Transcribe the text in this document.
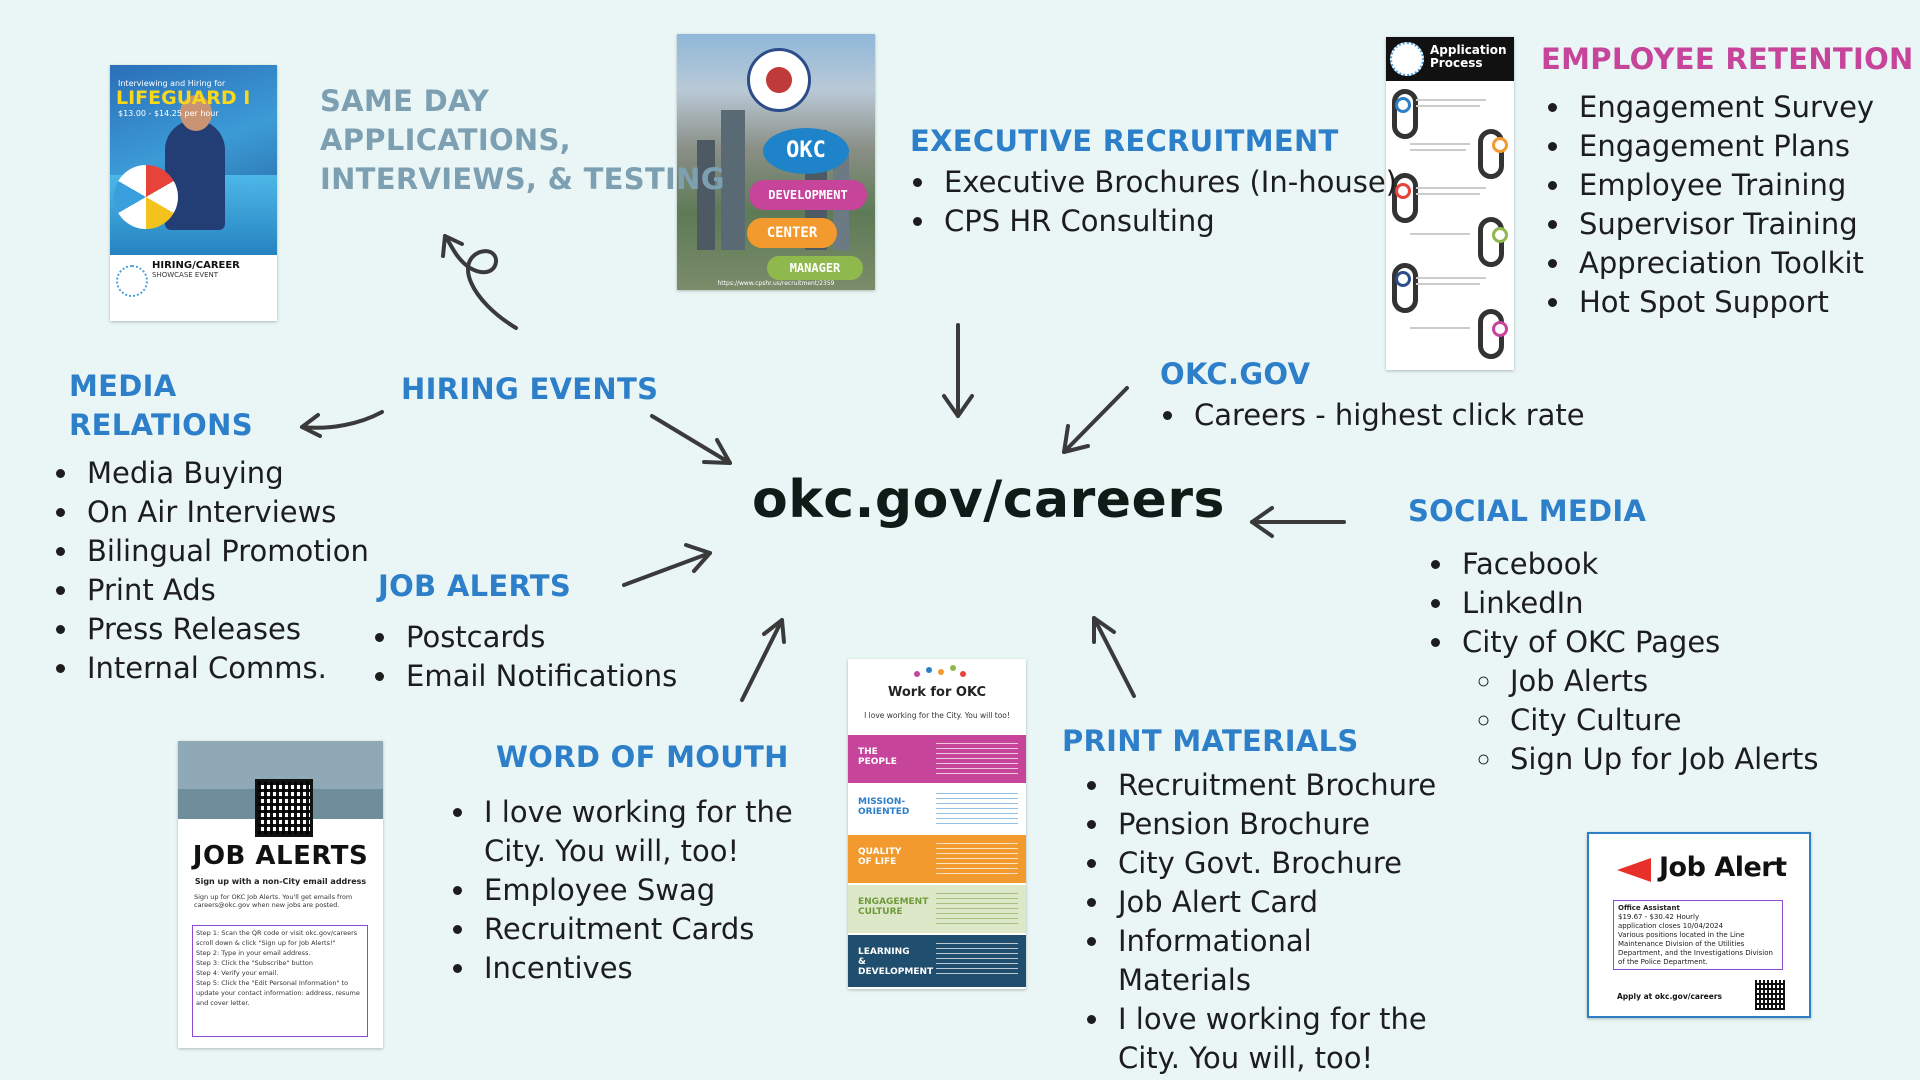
Interviewing and Hiring for
LIFEGUARD I
$13.00 - $14.25 per hour
HIRING/CAREER
SHOWCASE EVENT
OKC
DEVELOPMENT
CENTER
MANAGER
https://www.cpshr.us/recruitment/2359
Application
Process
Work for OKC
I love working for the City. You will too!
THE PEOPLE
MISSION-ORIENTED
QUALITY OF LIFE
ENGAGEMENT CULTURE
LEARNING & DEVELOPMENT
JOB ALERTS
Sign up with a non-City email address
Sign up for OKC Job Alerts. You'll get emails from careers@okc.gov when new jobs are posted.
Step 1: Scan the QR code or visit okc.gov/careers scroll down & click "Sign up for Job Alerts!"
Step 2: Type in your email address.
Step 3: Click the "Subscribe" button
Step 4: Verify your email.
Step 5: Click the "Edit Personal Information" to update your contact information: address, resume and cover letter.
Job Alert
Office Assistant
$19.67 - $30.42 Hourly
application closes 10/04/2024
Various positions located in the Line Maintenance Division of the Utilities Department, and the Investigations Division of the Police Department.
Apply at okc.gov/careers

SAME DAY

APPLICATIONS,

INTERVIEWS, & TESTING

EXECUTIVE RECRUITMENT

• Executive Brochures (In-house)
• CPS HR Consulting

EMPLOYEE RETENTION

• Engagement Survey
• Engagement Plans
• Employee Training
• Supervisor Training
• Appreciation Toolkit
• Hot Spot Support

MEDIA

RELATIONS

• Media Buying
• On Air Interviews
• Bilingual Promotion
• Print Ads
• Press Releases
• Internal Comms.

HIRING EVENTS	OKC.GOV

• Careers - highest click rate
okc.gov/careers	SOCIAL MEDIA

• Facebook
• LinkedIn
• City of OKC Pages
◦ Job Alerts
◦ City Culture
◦ Sign Up for Job Alerts

JOB ALERTS

• Postcards
• Email Notifications

WORD OF MOUTH

• I love working for the City. You will, too!
• Employee Swag
• Recruitment Cards
• Incentives

PRINT MATERIALS

• Recruitment Brochure
• Pension Brochure
• City Govt. Brochure
• Job Alert Card
• Informational Materials
• I love working for the City. You will, too!
